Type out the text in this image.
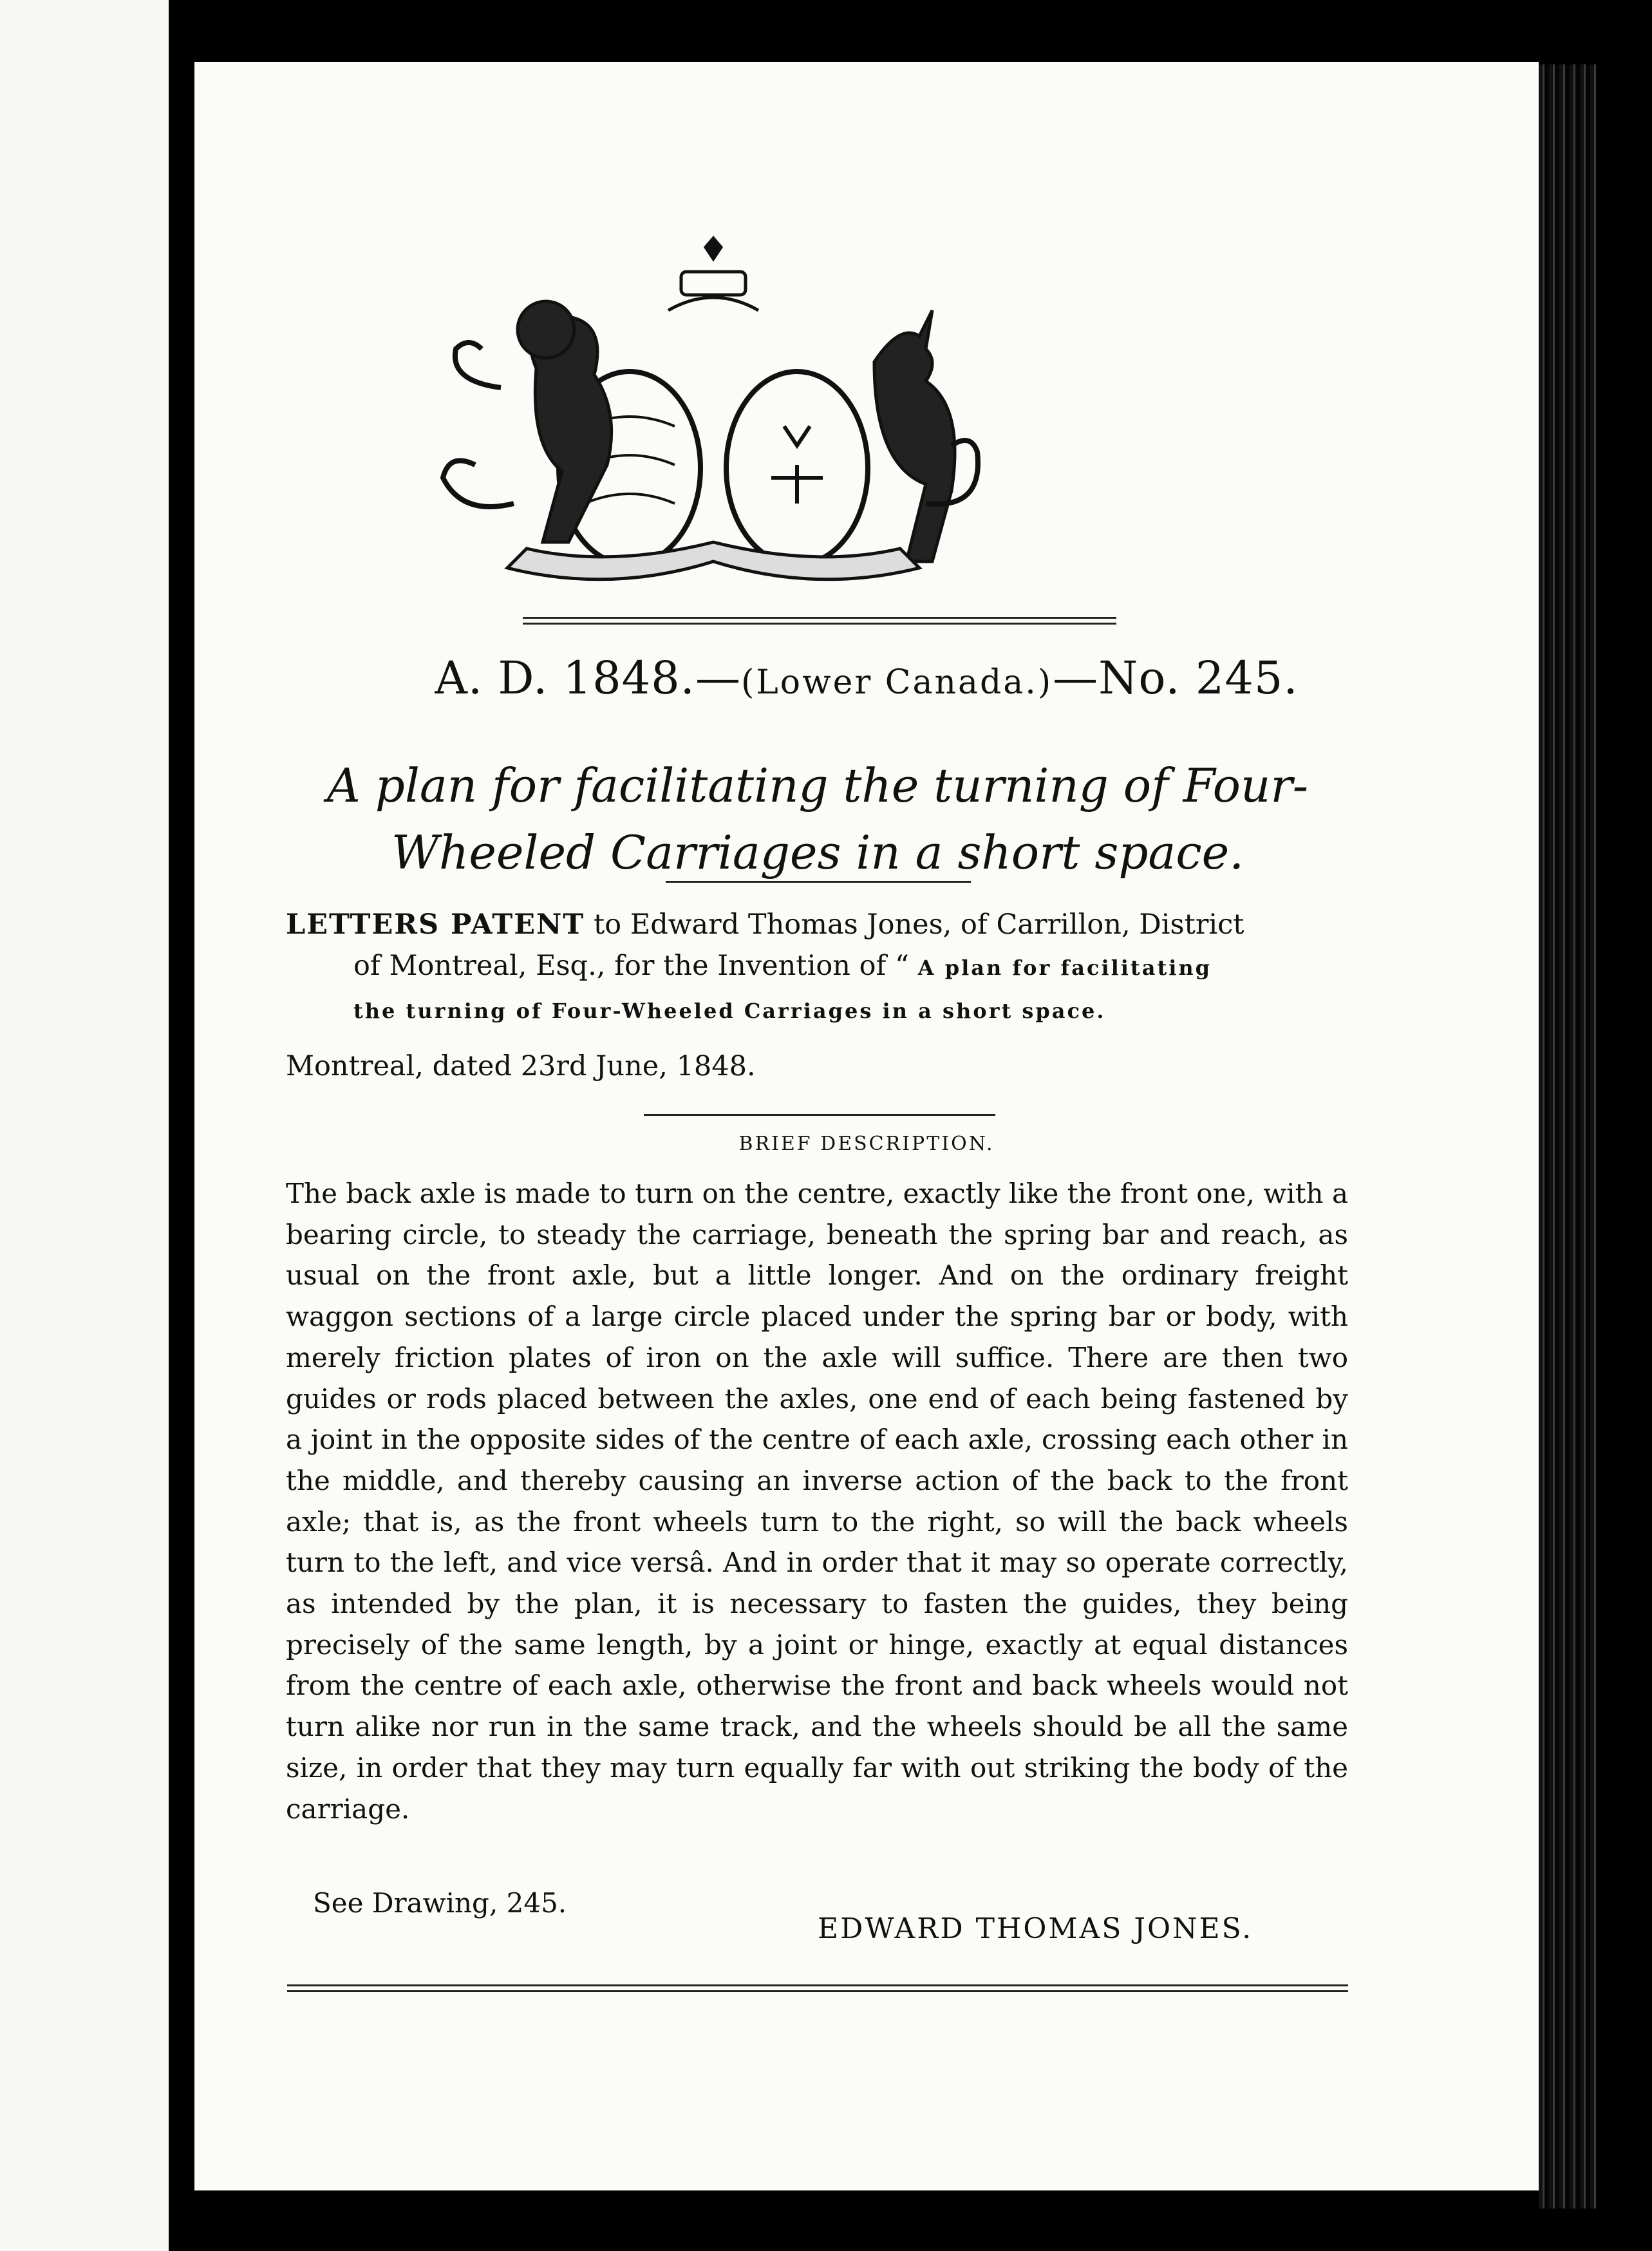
A. D. 1848.—(Lower Canada.)—No. 245.

A plan for facilitating the turning of Four-Wheeled Carriages in a short space.

LETTERS PATENT to Edward Thomas Jones, of Carrillon, District
of Montreal, Esq., for the Invention of “ A plan for facilitating
the turning of Four-Wheeled Carriages in a short space.

Montreal, dated 23rd June, 1848.

BRIEF DESCRIPTION.

The back axle is made to turn on the centre, exactly like the front one, with a bearing circle, to steady the carriage, beneath the spring bar and reach, as usual on the front axle, but a little longer. And on the ordinary freight waggon sections of a large circle placed under the spring bar or body, with merely friction plates of iron on the axle will suffice. There are then two guides or rods placed between the axles, one end of each being fastened by a joint in the opposite sides of the centre of each axle, crossing each other in the middle, and thereby causing an inverse action of the back to the front axle; that is, as the front wheels turn to the right, so will the back wheels turn to the left, and vice versâ. And in order that it may so operate correctly, as intended by the plan, it is necessary to fasten the guides, they being precisely of the same length, by a joint or hinge, exactly at equal distances from the centre of each axle, otherwise the front and back wheels would not turn alike nor run in the same track, and the wheels should be all the same size, in order that they may turn equally far with out striking the body of the carriage.

See Drawing, 245.

EDWARD THOMAS JONES.
